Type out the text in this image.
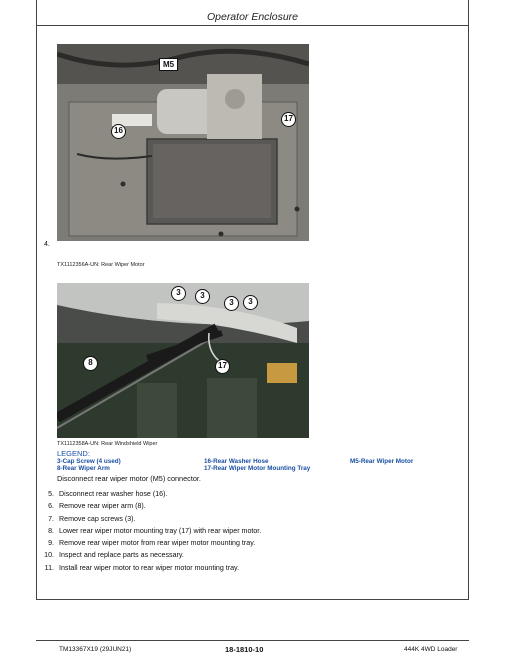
Operator Enclosure
M5
16
17
4.
TX1112356A-UN: Rear Wiper Motor
3	3
3	3
8	17
TX1112358A-UN: Rear Windshield Wiper
LEGEND:
3-Cap Screw (4 used)
8-Rear Wiper Arm
16-Rear Washer Hose
17-Rear Wiper Motor Mounting Tray
M5-Rear Wiper Motor
Disconnect rear wiper motor (M5) connector.
5. Disconnect rear washer hose (16).
6. Remove rear wiper arm (8).
7. Remove cap screws (3).
8. Lower rear wiper motor mounting tray (17) with rear wiper motor.
9. Remove rear wiper motor from rear wiper motor mounting tray.
10. Inspect and replace parts as necessary.
11. Install rear wiper motor to rear wiper motor mounting tray.
TM13367X19 (29JUN21)	18-1810-10	444K 4WD Loader
